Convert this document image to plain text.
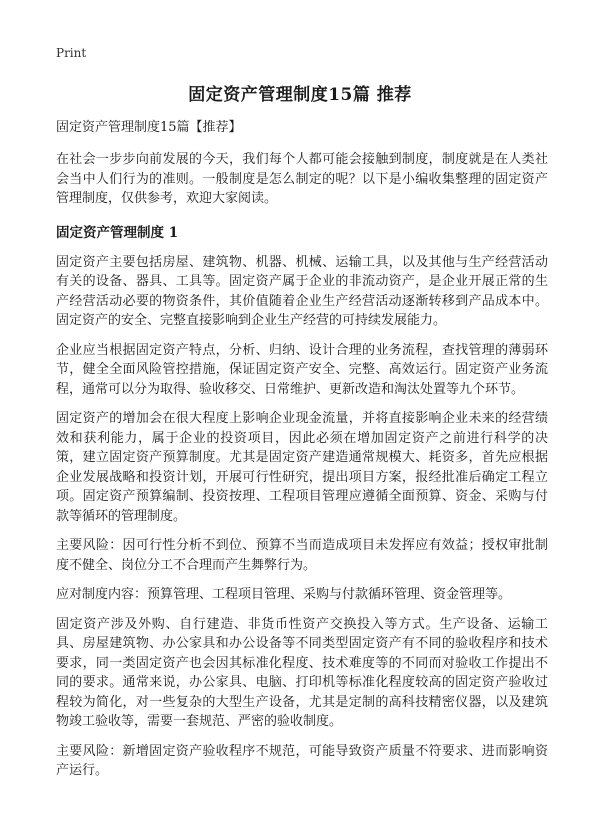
Print
固定资产管理制度15篇 推荐
固定资产管理制度15篇【推荐】

在社会一步步向前发展的今天，我们每个人都可能会接触到制度，制度就是在人类社会当中人们行为的准则。一般制度是怎么制定的呢？以下是小编收集整理的固定资产管理制度，仅供参考，欢迎大家阅读。

固定资产管理制度 1

固定资产主要包括房屋、建筑物、机器、机械、运输工具，以及其他与生产经营活动有关的设备、器具、工具等。固定资产属于企业的非流动资产，是企业开展正常的生产经营活动必要的物资条件，其价值随着企业生产经营活动逐渐转移到产品成本中。固定资产的安全、完整直接影响到企业生产经营的可持续发展能力。

企业应当根据固定资产特点，分析、归纳、设计合理的业务流程，查找管理的薄弱环节，健全全面风险管控措施，保证固定资产安全、完整、高效运行。固定资产业务流程，通常可以分为取得、验收移交、日常维护、更新改造和淘汰处置等九个环节。

固定资产的增加会在很大程度上影响企业现金流量，并将直接影响企业未来的经营绩效和获利能力，属于企业的投资项目，因此必须在增加固定资产之前进行科学的决策，建立固定资产预算制度。尤其是固定资产建造通常规模大、耗资多，首先应根据企业发展战略和投资计划，开展可行性研究，提出项目方案，报经批准后确定工程立项。固定资产预算编制、投资按理、工程项目管理应遵循全面预算、资金、采购与付款等循环的管理制度。

主要风险：因可行性分析不到位、预算不当而造成项目未发挥应有效益；授权审批制度不健全、岗位分工不合理而产生舞弊行为。

应对制度内容：预算管理、工程项目管理、采购与付款循环管理、资金管理等。

固定资产涉及外购、自行建造、非货币性资产交换投入等方式。生产设备、运输工具、房屋建筑物、办公家具和办公设备等不同类型固定资产有不同的验收程序和技术要求，同一类固定资产也会因其标准化程度、技术难度等的不同而对验收工作提出不同的要求。通常来说，办公家具、电脑、打印机等标准化程度较高的固定资产验收过程较为简化，对一些复杂的大型生产设备，尤其是定制的高科技精密仪器，以及建筑物竣工验收等，需要一套规范、严密的验收制度。

主要风险：新增固定资产验收程序不规范，可能导致资产质量不符要求、进而影响资产运行。
